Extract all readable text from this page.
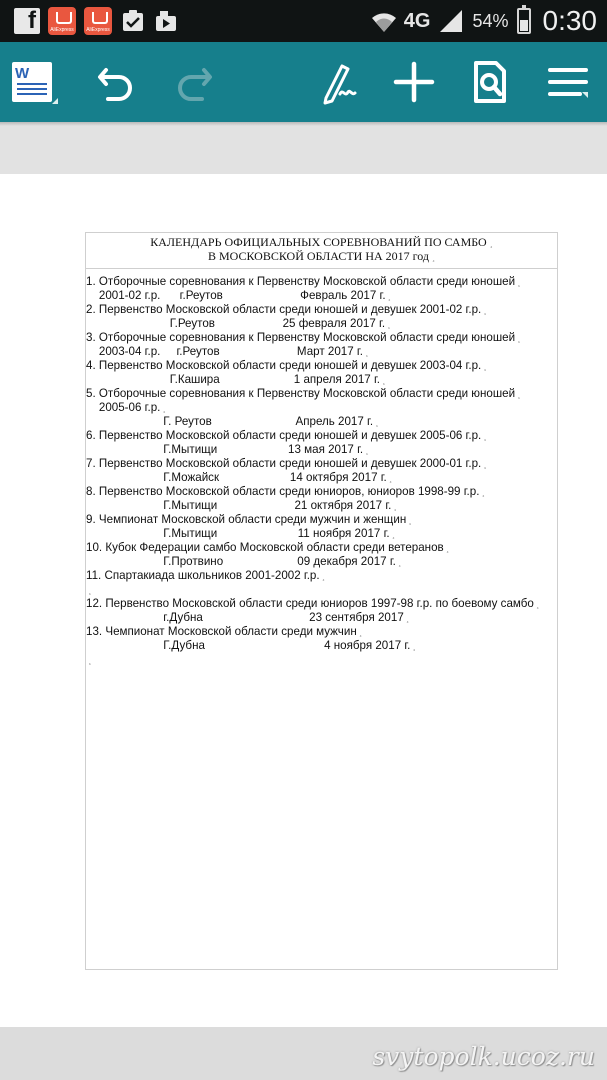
f	AliExpress	AliExpress	4G 54% 0:30
W
КАЛЕНДАРЬ ОФИЦИАЛЬНЫХ СОРЕВНОВАНИЙ ПО САМБО ¸
В МОСКОВСКОЙ ОБЛАСТИ НА 2017 год ¸
1. Отборочные соревнования к Первенству Московской области среди юношей ¸
2001-02 г.р.      г.Реутов                        Февраль 2017 г. ¸
2. Первенство Московской области среди юношей и девушек 2001-02 г.р. ¸
Г.Реутов                     25 февраля 2017 г. ¸
3. Отборочные соревнования к Первенству Московской области среди юношей ¸
2003-04 г.р.     г.Реутов                        Март 2017 г. ¸
4. Первенство Московской области среди юношей и девушек 2003-04 г.р. ¸
Г.Кашира                       1 апреля 2017 г. ¸
5. Отборочные соревнования к Первенству Московской области среди юношей ¸
2005-06 г.р. ¸
Г. Реутов                          Апрель 2017 г. ¸
6. Первенство Московской области среди юношей и девушек 2005-06 г.р. ¸
Г.Мытищи                      13 мая 2017 г. ¸
7. Первенство Московской области среди юношей и девушек 2000-01 г.р. ¸
Г.Можайск                      14 октября 2017 г. ¸
8. Первенство Московской области среди юниоров, юниоров 1998-99 г.р. ¸
Г.Мытищи                        21 октября 2017 г. ¸
9. Чемпионат Московской области среди мужчин и женщин ¸
Г.Мытищи                         11 ноября 2017 г. ¸
10. Кубок Федерации самбо Московской области среди ветеранов ¸
Г.Протвино                       09 декабря 2017 г. ¸
11. Спартакиада школьников 2001-2002 г.р. ¸
¸
12. Первенство Московской области среди юниоров 1997-98 г.р. по боевому самбо ¸
г.Дубна                                 23 сентября 2017 ¸
13. Чемпионат Московской области среди мужчин ¸
Г.Дубна                                     4 ноября 2017 г. ¸
¸
svytopolk.ucoz.ru
